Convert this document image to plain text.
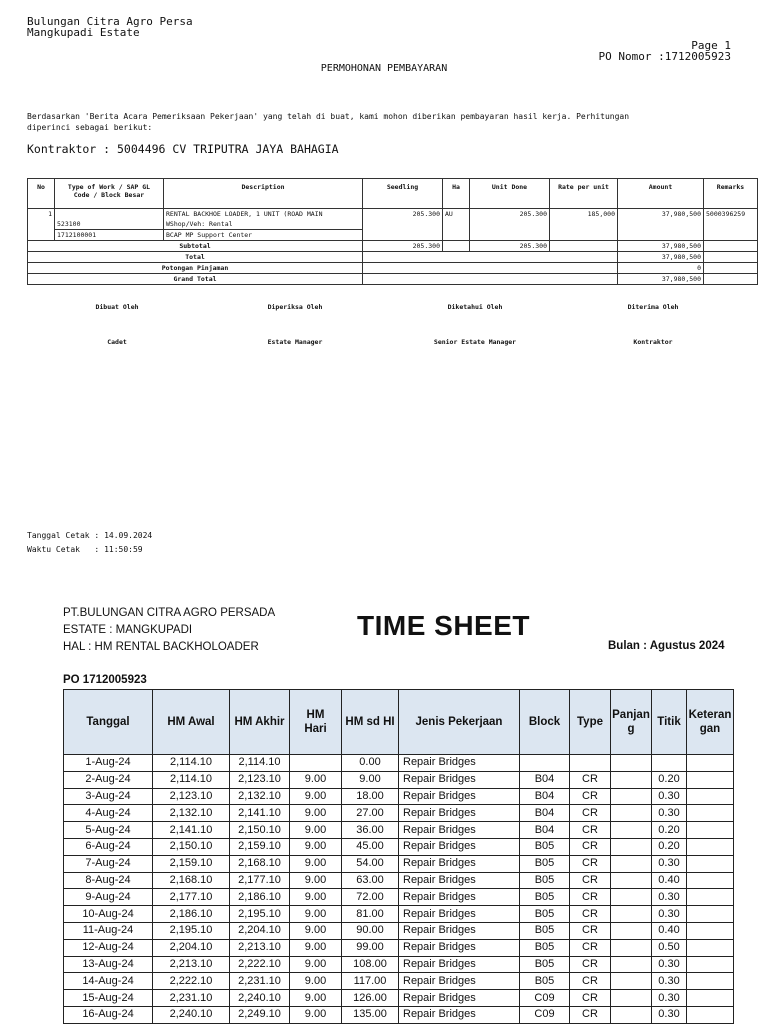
Bulungan Citra Agro Persa
Mangkupadi Estate
Page 1
PO Nomor :1712005923
PERMOHONAN PEMBAYARAN
Berdasarkan 'Berita Acara Pemeriksaan Pekerjaan' yang telah di buat, kami mohon diberikan pembayaran hasil kerja. Perhitungan
diperinci sebagai berikut:
Kontraktor : 5004496 CV TRIPUTRA JAYA BAHAGIA
No	Type of Work / SAP GL
Code / Block Besar	Description	Seedling	Ha	Unit Done	Rate per unit	Amount	Remarks
1		RENTAL BACKHOE LOADER, 1 UNIT (ROAD MAIN	205.300	AU	205.300	185,000	37,980,500	5000396259
	523100	WShop/Veh: Rental						
	1712100001	BCAP MP Support Center						
Subtotal			205.300		205.300		37,980,500	
Total							37,980,500	
Potongan Pinjaman							0	
Grand Total							37,980,500	
Dibuat Oleh	Diperiksa Oleh	Diketahui Oleh	Diterima Oleh
Cadet	Estate Manager	Senior Estate Manager	Kontraktor
Tanggal Cetak : 14.09.2024
Waktu Cetak   : 11:50:59
PT.BULUNGAN CITRA AGRO PERSADA
ESTATE : MANGKUPADI
HAL : HM RENTAL BACKHOLOADER
TIME SHEET
Bulan : Agustus 2024
PO 1712005923
Tanggal	HM Awal	HM Akhir	HM Hari	HM sd HI	Jenis Pekerjaan	Block	Type	Panjang	Titik	Keterangan
1-Aug-24	2,114.10	2,114.10		0.00	Repair Bridges					
2-Aug-24	2,114.10	2,123.10	9.00	9.00	Repair Bridges	B04	CR		0.20	
3-Aug-24	2,123.10	2,132.10	9.00	18.00	Repair Bridges	B04	CR		0.30	
4-Aug-24	2,132.10	2,141.10	9.00	27.00	Repair Bridges	B04	CR		0.30	
5-Aug-24	2,141.10	2,150.10	9.00	36.00	Repair Bridges	B04	CR		0.20	
6-Aug-24	2,150.10	2,159.10	9.00	45.00	Repair Bridges	B05	CR		0.20	
7-Aug-24	2,159.10	2,168.10	9.00	54.00	Repair Bridges	B05	CR		0.30	
8-Aug-24	2,168.10	2,177.10	9.00	63.00	Repair Bridges	B05	CR		0.40	
9-Aug-24	2,177.10	2,186.10	9.00	72.00	Repair Bridges	B05	CR		0.30	
10-Aug-24	2,186.10	2,195.10	9.00	81.00	Repair Bridges	B05	CR		0.30	
11-Aug-24	2,195.10	2,204.10	9.00	90.00	Repair Bridges	B05	CR		0.40	
12-Aug-24	2,204.10	2,213.10	9.00	99.00	Repair Bridges	B05	CR		0.50	
13-Aug-24	2,213.10	2,222.10	9.00	108.00	Repair Bridges	B05	CR		0.30	
14-Aug-24	2,222.10	2,231.10	9.00	117.00	Repair Bridges	B05	CR		0.30	
15-Aug-24	2,231.10	2,240.10	9.00	126.00	Repair Bridges	C09	CR		0.30	
16-Aug-24	2,240.10	2,249.10	9.00	135.00	Repair Bridges	C09	CR		0.30	
